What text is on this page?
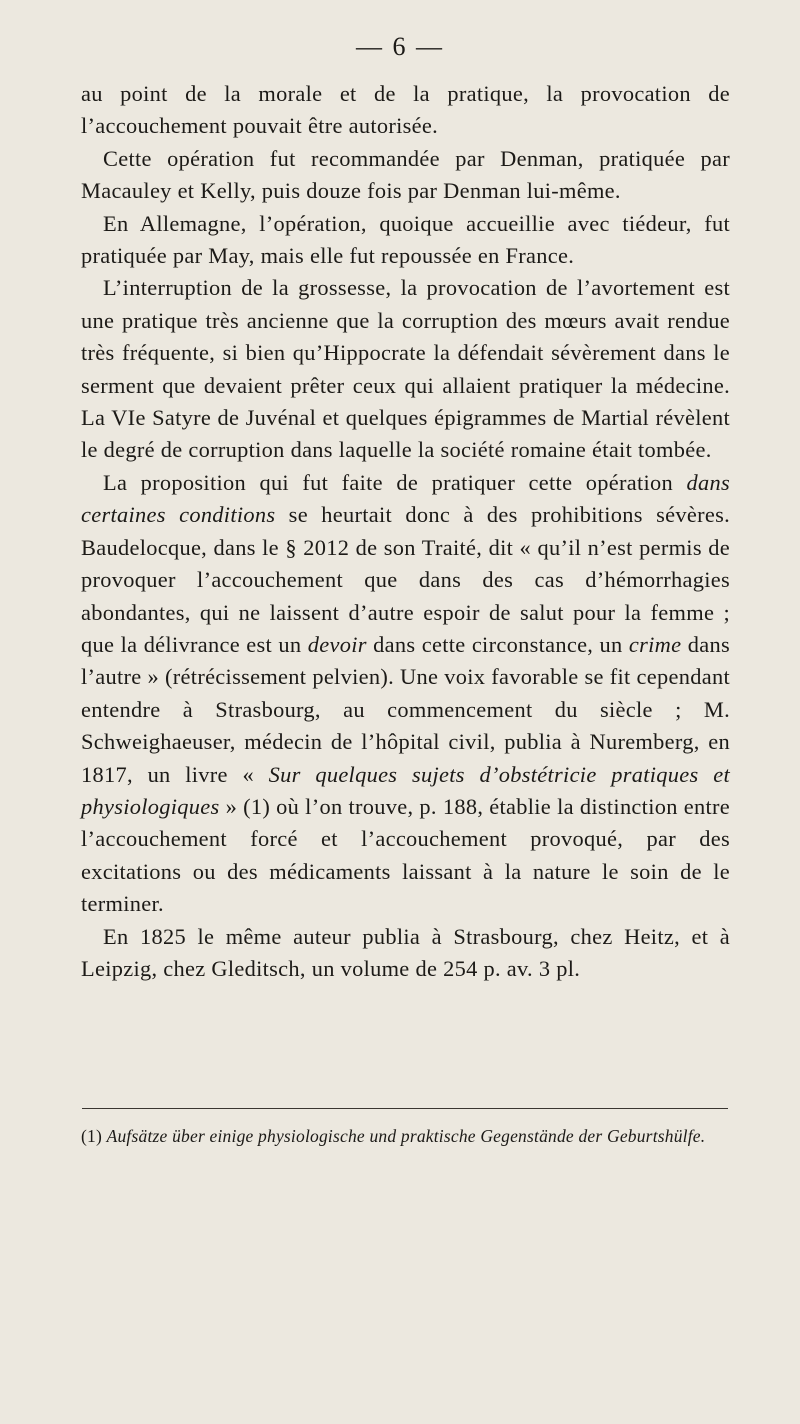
— 6 —

au point de la morale et de la pratique, la provocation de l’accouchement pouvait être autorisée.

Cette opération fut recommandée par Denman, pratiquée par Macauley et Kelly, puis douze fois par Denman lui-même.

En Allemagne, l’opération, quoique accueillie avec tiédeur, fut pratiquée par May, mais elle fut repoussée en France.

L’interruption de la grossesse, la provocation de l’avortement est une pratique très ancienne que la corruption des mœurs avait rendue très fréquente, si bien qu’Hippocrate la défendait sévèrement dans le serment que devaient prêter ceux qui allaient pratiquer la médecine. La VIe Satyre de Juvénal et quelques épigrammes de Martial révèlent le degré de corruption dans laquelle la société romaine était tombée.

La proposition qui fut faite de pratiquer cette opération dans certaines conditions se heurtait donc à des prohibitions sévères. Baudelocque, dans le § 2012 de son Traité, dit « qu’il n’est permis de provoquer l’accouchement que dans des cas d’hémorrhagies abondantes, qui ne laissent d’autre espoir de salut pour la femme ; que la délivrance est un devoir dans cette circonstance, un crime dans l’autre » (rétrécissement pelvien). Une voix favorable se fit cependant entendre à Strasbourg, au commencement du siècle ; M. Schweighaeuser, médecin de l’hôpital civil, publia à Nuremberg, en 1817, un livre « Sur quelques sujets d’obstétricie pratiques et physiologiques » (1) où l’on trouve, p. 188, établie la distinction entre l’accouchement forcé et l’accouchement provoqué, par des excitations ou des médicaments laissant à la nature le soin de le terminer.

En 1825 le même auteur publia à Strasbourg, chez Heitz, et à Leipzig, chez Gleditsch, un volume de 254 p. av. 3 pl.

(1) Aufsätze über einige physiologische und praktische Gegenstände der Geburtshülfe.
